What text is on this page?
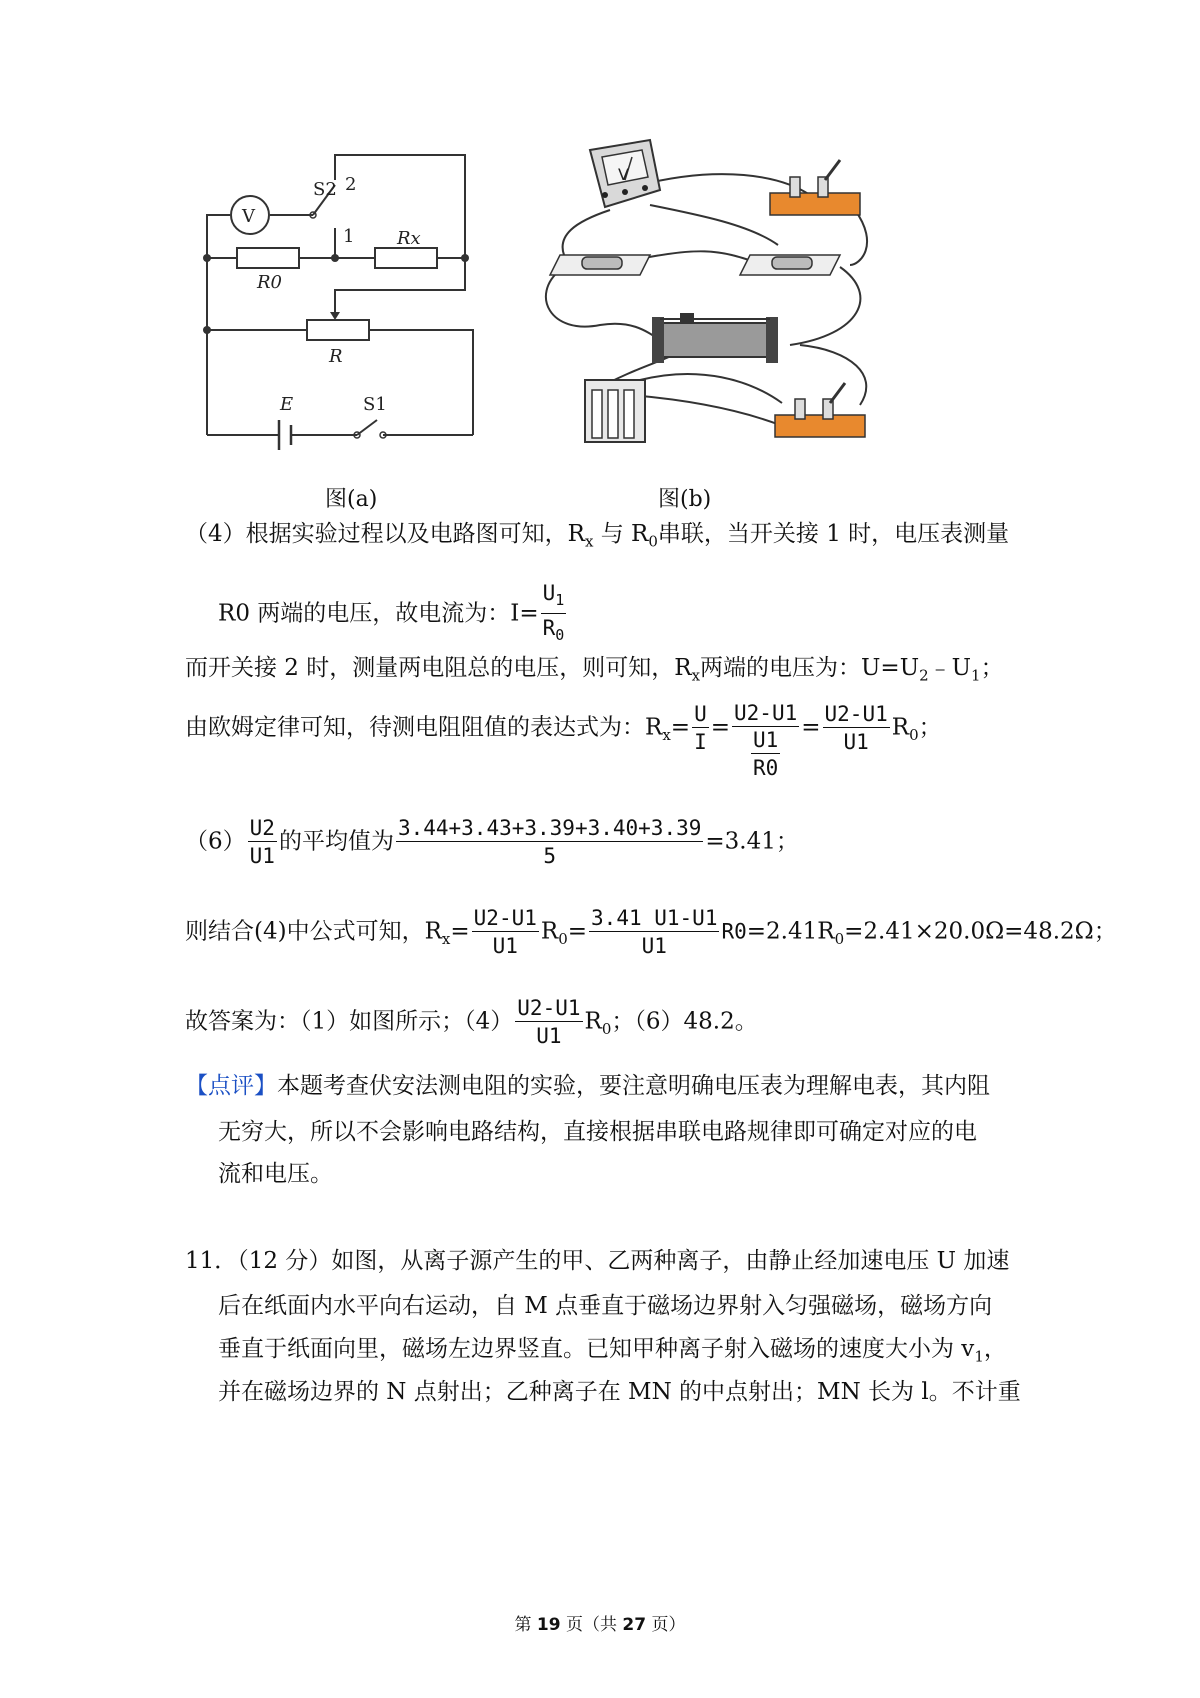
V
S2 2
1 Rx
R0
R
E	S1
图(a)
V
图(b)
（4）根据实验过程以及电路图可知，$R_x$ 与 $R_0$串联，当开关接 1 时，电压表测量
R0 两端的电压，故电流为：$I= \frac{U_1}{R_0}$
而开关接 2 时，测量两电阻总的电压，则可知，$R_x$两端的电压为：$U=U_2﹣U_1$；
由欧姆定律可知，待测电阻阻值的表达式为：$R_x= \frac{U}{I} = \frac{U2-U1}{\frac{U1}{R0}} = \frac{U2-U1}{U1} R_0$；
$(6) \frac{U2}{U1}$ 的平均值为 $\frac{3.44+3.43+3.39+3.40+3.39}{5} =3.41$；
则结合(4)中公式可知，$R_x= \frac{U2-U1}{U1} R_0= \frac{3.41 U1-U1}{U1} R0=2.41R_0=2.41\times 20.0\Omega=48.2\Omega$；
故答案为：（1）如图所示；$(4) \frac{U2-U1}{U1} R_0$；（6）48.2。
【点评】本题考查伏安法测电阻的实验，要注意明确电压表为理解电表，其内阻
无穷大，所以不会影响电路结构，直接根据串联电路规律即可确定对应的电
流和电压。
11．（12 分）如图，从离子源产生的甲、乙两种离子，由静止经加速电压 U 加速
后在纸面内水平向右运动，自 M 点垂直于磁场边界射入匀强磁场，磁场方向
垂直于纸面向里，磁场左边界竖直。已知甲种离子射入磁场的速度大小为 $v_1$，
并在磁场边界的 N 点射出；乙种离子在 MN 的中点射出；MN 长为 l。不计重
第 19 页（共 27 页）
